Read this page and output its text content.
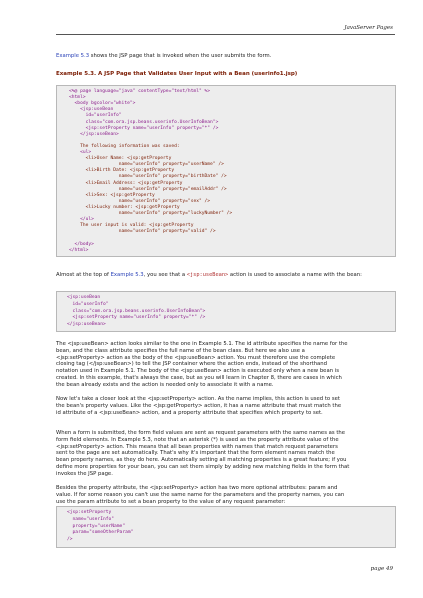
JavaServer Pages
Example 5.3 shows the JSP page that is invoked when the user submits the form.
Example 5.3. A JSP Page that Validates User Input with a Bean (userinfo1.jsp)
<%@ page language="java" contentType="text/html" %>
<html>
<body bgcolor="white">
<jsp:useBean
id="userInfo"
class="com.ora.jsp.beans.userinfo.UserInfoBean">
<jsp:setProperty name="userInfo" property="*" />
</jsp:useBean>
The following information was saved:
<ul>
<li>User Name: <jsp:getProperty
name="userInfo" property="userName" />
<li>Birth Date: <jsp:getProperty
name="userInfo" property="birthDate" />
<li>Email Address: <jsp:getProperty
name="userInfo" property="emailAddr" />
<li>Sex: <jsp:getProperty
name="userInfo" property="sex" />
<li>Lucky number: <jsp:getProperty
name="userInfo" property="luckyNumber" />
</ul>
The user input is valid: <jsp:getProperty
name="userInfo" property="valid" />
</body>
</html>

Almost at the top of Example 5.3, you see that a <jsp:useBean> action is used to associate a name with the bean:

<jsp:useBean
id="userInfo"
class="com.ora.jsp.beans.userinfo.UserInfoBean">
<jsp:setProperty name="userInfo" property="*" />
</jsp:useBean>

The <jsp:useBean> action looks similar to the one in Example 5.1. The id attribute specifies the name for the

bean, and the class attribute specifies the full name of the bean class. But here we also use a

<jsp:setProperty> action as the body of the <jsp:useBean> action. You must therefore use the complete

closing tag (</jsp:useBean>) to tell the JSP container where the action ends, instead of the shorthand

notation used in Example 5.1. The body of the <jsp:useBean> action is executed only when a new bean is

created. In this example, that's always the case, but as you will learn in Chapter 8, there are cases in which

the bean already exists and the action is needed only to associate it with a name.

Now let's take a closer look at the <jsp:setProperty> action. As the name implies, this action is used to set

the bean's property values. Like the <jsp:getProperty> action, it has a name attribute that must match the

id attribute of a <jsp:useBean> action, and a property attribute that specifies which property to set.

When a form is submitted, the form field values are sent as request parameters with the same names as the

form field elements. In Example 5.3, note that an asterisk (*) is used as the property attribute value of the

<jsp:setProperty> action. This means that all bean properties with names that match request parameters

sent to the page are set automatically. That's why it's important that the form element names match the

bean property names, as they do here. Automatically setting all matching properties is a great feature; if you

define more properties for your bean, you can set them simply by adding new matching fields in the form that

invokes the JSP page.

Besides the property attribute, the <jsp:setProperty> action has two more optional attributes: param and

value. If for some reason you can't use the same name for the parameters and the property names, you can

use the param attribute to set a bean property to the value of any request parameter:

<jsp:setProperty
name="userInfo"
property="userName"
param="someOtherParam"
/>
page 49
